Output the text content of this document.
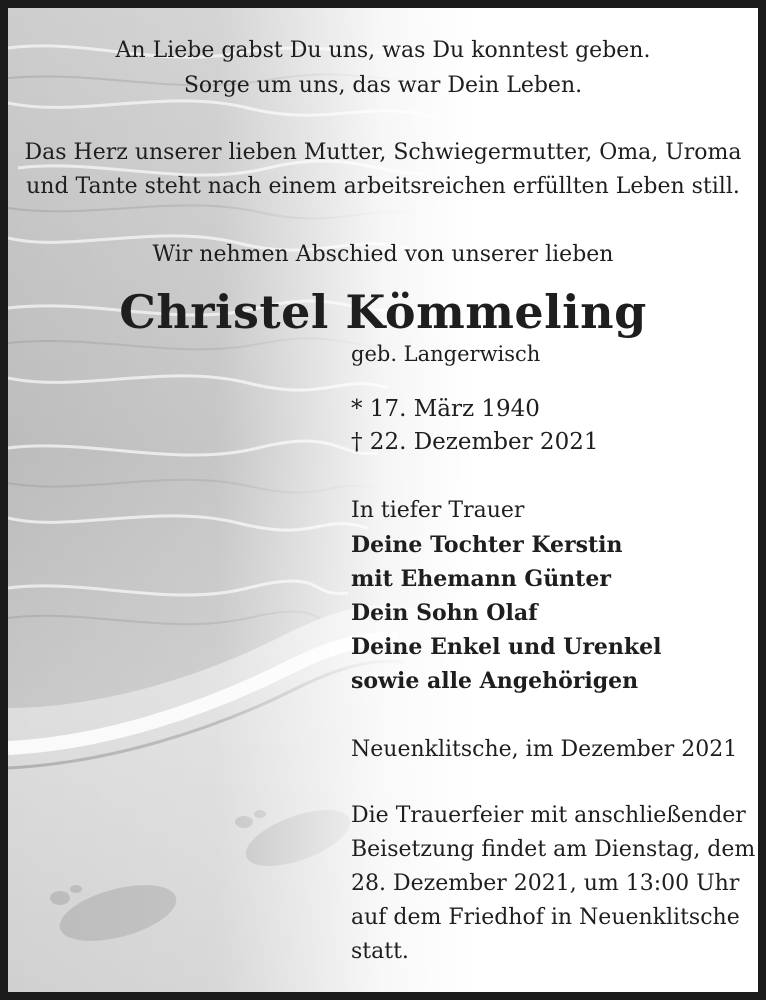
An Liebe gabst Du uns, was Du konntest geben.
Sorge um uns, das war Dein Leben.
Das Herz unserer lieben Mutter, Schwiegermutter, Oma, Uroma
und Tante steht nach einem arbeitsreichen erfüllten Leben still.
Wir nehmen Abschied von unserer lieben
Christel Kömmeling
geb. Langerwisch
* 17. März 1940
† 22. Dezember 2021
In tiefer Trauer
Deine Tochter Kerstin
mit Ehemann Günter
Dein Sohn Olaf
Deine Enkel und Urenkel
sowie alle Angehörigen
Neuenklitsche, im Dezember 2021
Die Trauerfeier mit anschließender
Beisetzung findet am Dienstag, dem
28. Dezember 2021, um 13:00 Uhr
auf dem Friedhof in Neuenklitsche
statt.
